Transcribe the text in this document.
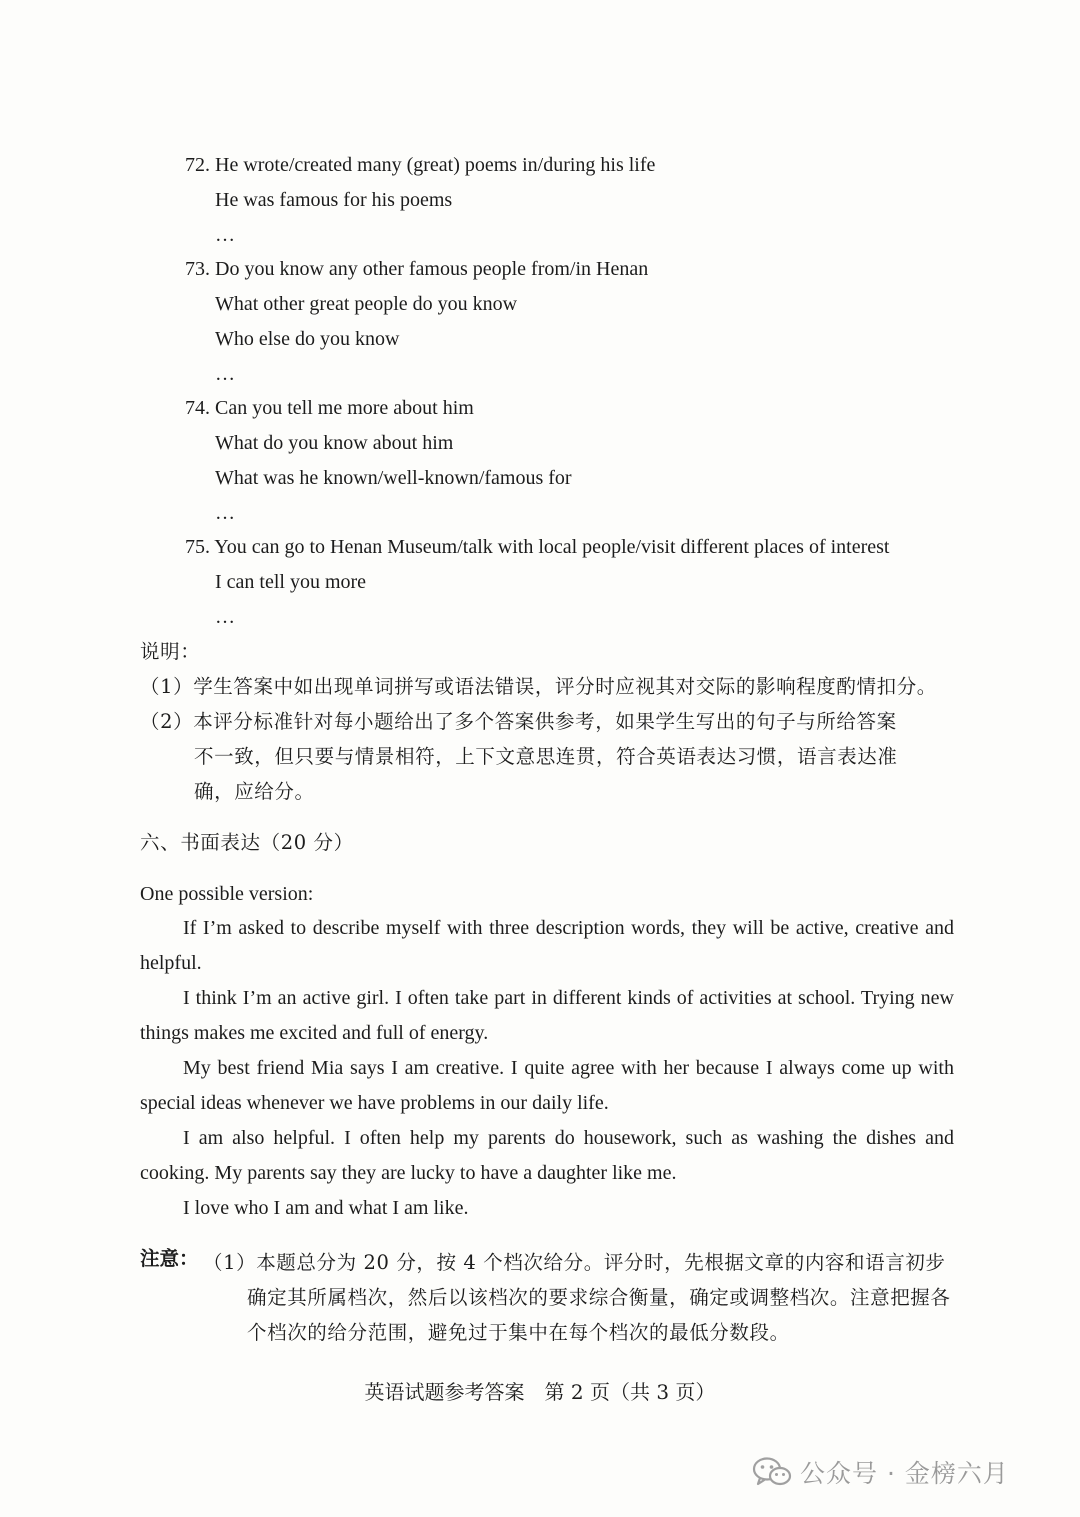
72. He wrote/created many (great) poems in/during his life
He was famous for his poems
…
73. Do you know any other famous people from/in Henan
What other great people do you know
Who else do you know
…
74. Can you tell me more about him
What do you know about him
What was he known/well-known/famous for
…
75. You can go to Henan Museum/talk with local people/visit different places of interest
I can tell you more
…
说明：
（1）学生答案中如出现单词拼写或语法错误，评分时应视其对交际的影响程度酌情扣分。
（2）本评分标准针对每小题给出了多个答案供参考，如果学生写出的句子与所给答案
不一致，但只要与情景相符，上下文意思连贯，符合英语表达习惯，语言表达准
确，应给分。
六、书面表达（20 分）
One possible version:

If I’m asked to describe myself with three description words, they will be active, creative and helpful.

I think I’m an active girl. I often take part in different kinds of activities at school. Trying new things makes me excited and full of energy.

My best friend Mia says I am creative. I quite agree with her because I always come up with special ideas whenever we have problems in our daily life.

I am also helpful. I often help my parents do housework, such as washing the dishes and cooking. My parents say they are lucky to have a daughter like me.

I love who I am and what I am like.

注意： （1）本题总分为 20 分，按 4 个档次给分。评分时，先根据文章的内容和语言初步确定其所属档次，然后以该档次的要求综合衡量，确定或调整档次。注意把握各个档次的给分范围，避免过于集中在每个档次的最低分数段。

英语试题参考答案　第 2 页（共 3 页）
公众号 · 金榜六月
